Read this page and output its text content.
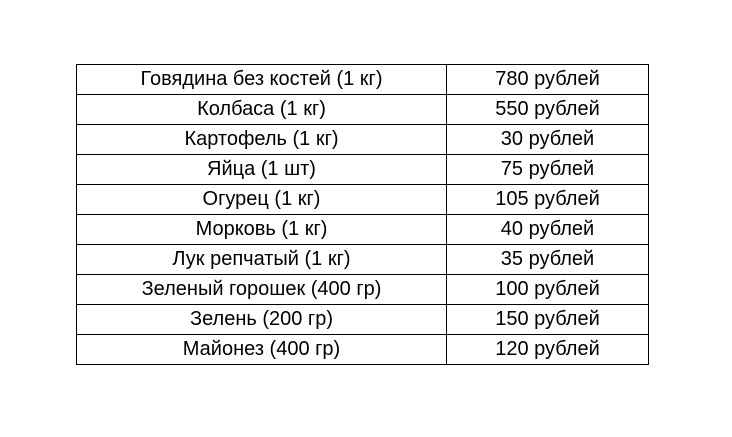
Говядина без костей (1 кг)	780 рублей
Колбаса (1 кг)	550 рублей
Картофель (1 кг)	30 рублей
Яйца (1 шт)	75 рублей
Огурец (1 кг)	105 рублей
Морковь (1 кг)	40 рублей
Лук репчатый (1 кг)	35 рублей
Зеленый горошек (400 гр)	100 рублей
Зелень (200 гр)	150 рублей
Майонез (400 гр)	120 рублей
